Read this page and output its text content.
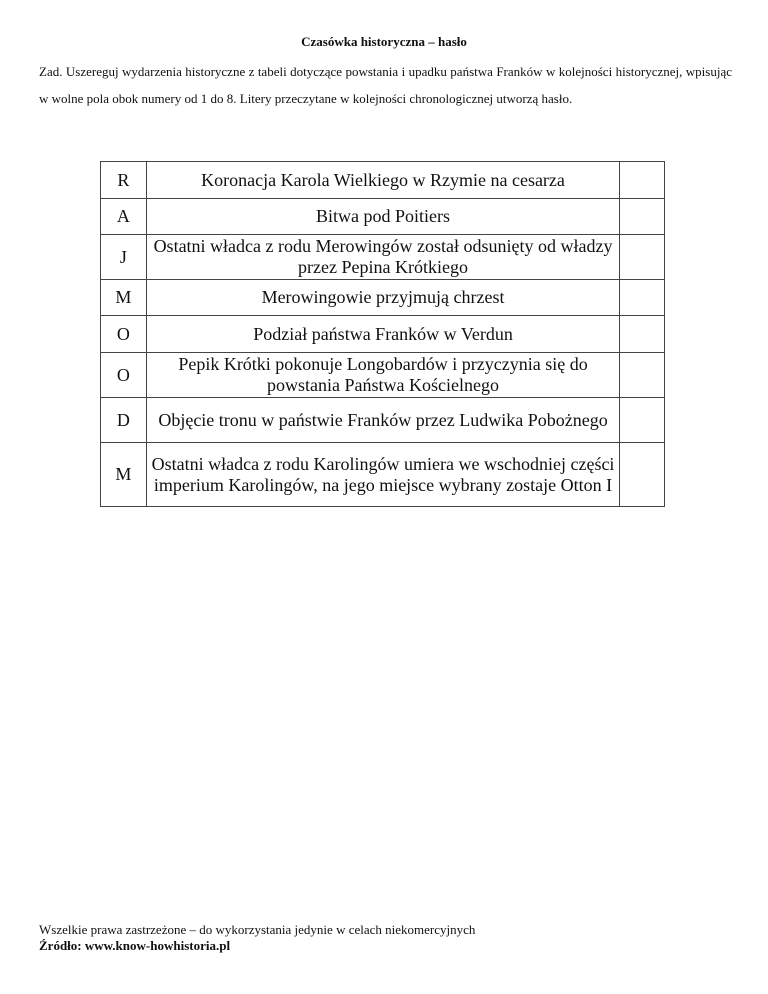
Czasówka historyczna – hasło
Zad. Uszereguj wydarzenia historyczne z tabeli dotyczące powstania i upadku państwa Franków w kolejności historycznej, wpisując w wolne pola obok numery od 1 do 8. Litery przeczytane w kolejności chronologicznej utworzą hasło.
R	Koronacja Karola Wielkiego w Rzymie na cesarza	
A	Bitwa pod Poitiers	
J	Ostatni władca z rodu Merowingów został odsunięty od władzy przez Pepina Krótkiego	
M	Merowingowie przyjmują chrzest	
O	Podział państwa Franków w Verdun	
O	Pepik Krótki pokonuje Longobardów i przyczynia się do powstania Państwa Kościelnego	
D	Objęcie tronu w państwie Franków przez Ludwika Pobożnego	
M	Ostatni władca z rodu Karolingów umiera we wschodniej części imperium Karolingów, na jego miejsce wybrany zostaje Otton I	
Wszelkie prawa zastrzeżone – do wykorzystania jedynie w celach niekomercyjnych
Źródło: www.know-howhistoria.pl
